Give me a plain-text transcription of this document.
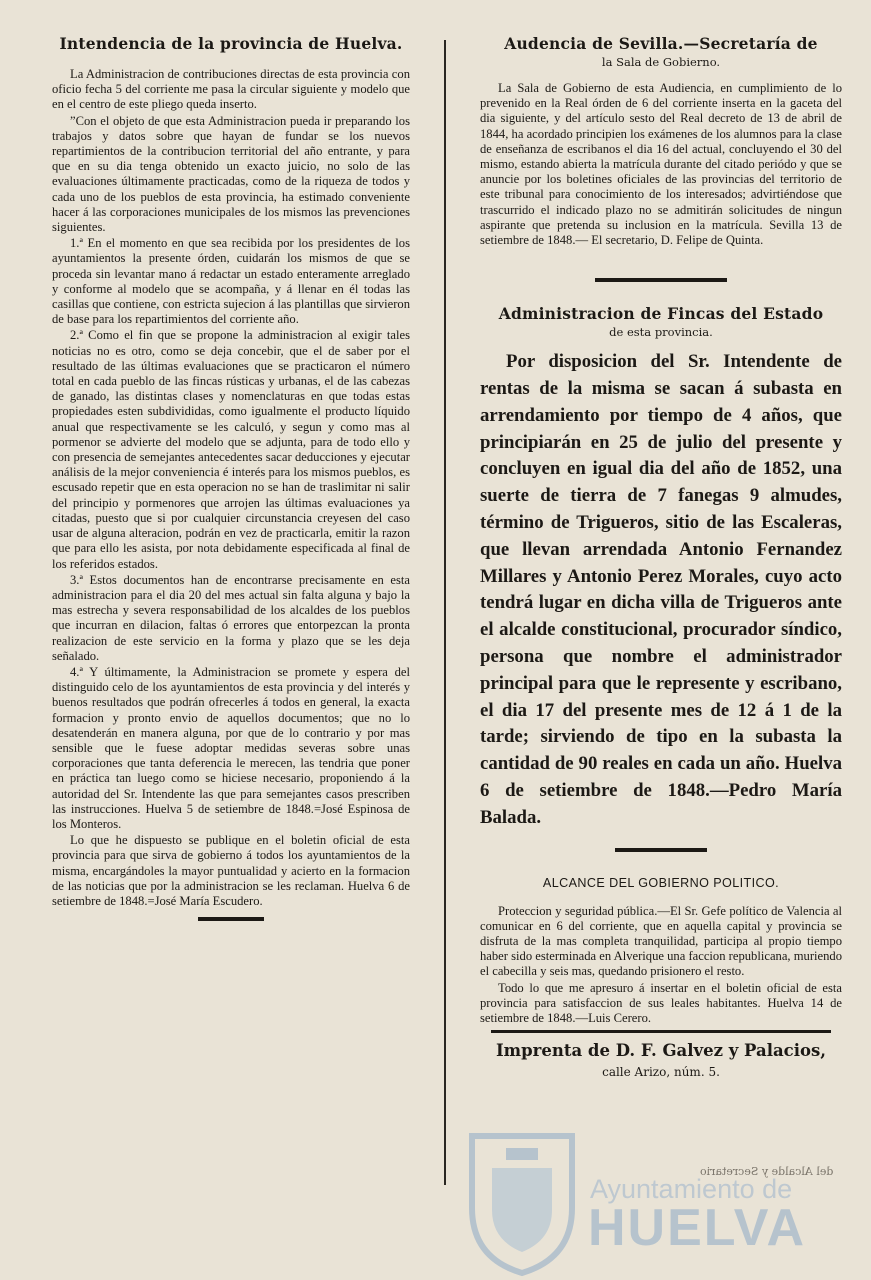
Intendencia de la provincia de Huelva.

La Administracion de contribuciones directas de esta provincia con oficio fecha 5 del corriente me pasa la circular siguiente y modelo que en el centro de este pliego queda inserto.

”Con el objeto de que esta Administracion pueda ir preparando los trabajos y datos sobre que hayan de fundar se los nuevos repartimientos de la contribucion territorial del año entrante, y para que en su dia tenga obtenido un exacto juicio, no solo de las evaluaciones últimamente practicadas, como de la riqueza de todos y cada uno de los pueblos de esta provincia, ha estimado conveniente hacer á las corporaciones municipales de los mismos las prevenciones siguientes.

1.ª En el momento en que sea recibida por los presidentes de los ayuntamientos la presente órden, cuidarán los mismos de que se proceda sin levantar mano á redactar un estado enteramente arreglado y conforme al modelo que se acompaña, y á llenar en él todas las casillas que contiene, con estricta sujecion á las plantillas que sirvieron de base para los repartimientos del corriente año.

2.ª Como el fin que se propone la administracion al exigir tales noticias no es otro, como se deja concebir, que el de saber por el resultado de las últimas evaluaciones que se practicaron el número total en cada pueblo de las fincas rústicas y urbanas, el de las cabezas de ganado, las distintas clases y nomenclaturas en que todas estas propiedades esten subdivididas, como igualmente el producto líquido anual que respectivamente se les calculó, y segun y como mas al pormenor se advierte del modelo que se adjunta, para de todo ello y con presencia de semejantes antecedentes sacar deducciones y ejecutar análisis de la mejor conveniencia é interés para los mismos pueblos, es escusado repetir que en esta operacion no se han de traslimitar ni salir del principio y pormenores que arrojen las últimas evaluaciones ya citadas, puesto que si por cualquier circunstancia creyesen del caso usar de alguna alteracion, podrán en vez de practicarla, emitir la razon que para ello les asista, por nota debidamente especificada al final de los referidos estados.

3.ª Estos documentos han de encontrarse precisamente en esta administracion para el dia 20 del mes actual sin falta alguna y bajo la mas estrecha y severa responsabilidad de los alcaldes de los pueblos que incurran en dilacion, faltas ó errores que entorpezcan la pronta realizacion de este servicio en la forma y plazo que se les deja señalado.

4.ª Y últimamente, la Administracion se promete y espera del distinguido celo de los ayuntamientos de esta provincia y del interés y buenos resultados que podrán ofrecerles á todos en general, la exacta formacion y pronto envio de aquellos documentos; que no lo desatenderán en manera alguna, por que de lo contrario y por mas sensible que le fuese adoptar medidas severas sobre unas corporaciones que tanta deferencia le merecen, las tendria que poner en práctica tan luego como se hiciese necesario, proponiendo á la autoridad del Sr. Intendente las que para semejantes casos prescriben las instrucciones. Huelva 5 de setiembre de 1848.=José Espinosa de los Monteros.

Lo que he dispuesto se publique en el boletin oficial de esta provincia para que sirva de gobierno á todos los ayuntamientos de la misma, encargándoles la mayor puntualidad y acierto en la formacion de las noticias que por la administracion se les reclaman. Huelva 6 de setiembre de 1848.=José María Escudero.

Audencia de Sevilla.—Secretaría de
la Sala de Gobierno.

La Sala de Gobierno de esta Audiencia, en cumplimiento de lo prevenido en la Real órden de 6 del corriente inserta en la gaceta del dia siguiente, y del artículo sesto del Real decreto de 13 de abril de 1844, ha acordado principien los exámenes de los alumnos para la clase de enseñanza de escribanos el dia 16 del actual, concluyendo el 30 del mismo, estando abierta la matrícula durante del citado periódo y que se anuncie por los boletines oficiales de las provincias del territorio de este tribunal para conocimiento de los interesados; advirtiéndose que trascurrido el indicado plazo no se admitirán solicitudes de ningun aspirante que pretenda su inclusion en la matrícula. Sevilla 13 de setiembre de 1848.— El secretario, D. Felipe de Quinta.

Administracion de Fincas del Estado
de esta provincia.

Por disposicion del Sr. Intendente de rentas de la misma se sacan á subasta en arrendamiento por tiempo de 4 años, que principiarán en 25 de julio del presente y concluyen en igual dia del año de 1852, una suerte de tierra de 7 fanegas 9 almudes, término de Trigueros, sitio de las Escaleras, que llevan arrendada Antonio Fernandez Millares y Antonio Perez Morales, cuyo acto tendrá lugar en dicha villa de Trigueros ante el alcalde constitucional, procurador síndico, persona que nombre el administrador principal para que le represente y escribano, el dia 17 del presente mes de 12 á 1 de la tarde; sirviendo de tipo en la subasta la cantidad de 90 reales en cada un año. Huelva 6 de setiembre de 1848.—Pedro María Balada.

ALCANCE DEL GOBIERNO POLITICO.

Proteccion y seguridad pública.—El Sr. Gefe político de Valencia al comunicar en 6 del corriente, que en aquella capital y provincia se disfruta de la mas completa tranquilidad, participa al propio tiempo haber sido esterminada en Alverique una faccion republicana, muriendo el cabecilla y seis mas, quedando prisionero el resto.

Todo lo que me apresuro á insertar en el boletin oficial de esta provincia para satisfaccion de sus leales habitantes. Huelva 14 de setiembre de 1848.—Luis Cerero.

Imprenta de D. F. Galvez y Palacios,
calle Arizo, núm. 5.
del Alcalde y Secretario
Ayuntamiento de
HUELVA
